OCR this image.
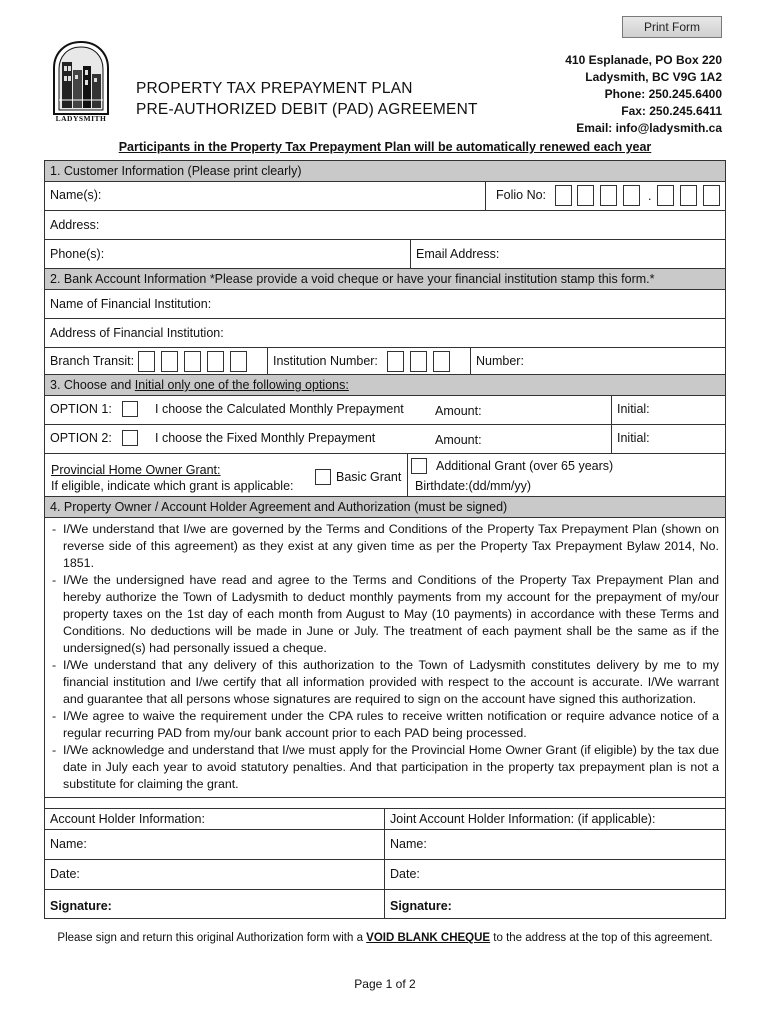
Print Form
LADYSMITH
PROPERTY TAX PREPAYMENT PLAN
PRE-AUTHORIZED DEBIT (PAD) AGREEMENT
410 Esplanade, PO Box 220
Ladysmith, BC V9G 1A2
Phone: 250.245.6400
Fax: 250.245.6411
Email: info@ladysmith.ca
Participants in the Property Tax Prepayment Plan will be automatically renewed each year
1. Customer Information (Please print clearly)
Name(s):	Folio No:	.
Address:
Phone(s):	Email Address:
2. Bank Account Information *Please provide a void cheque or have your financial institution stamp this form.*
Name of Financial Institution:
Address of Financial Institution:
Branch Transit:	Institution Number:	Number:
3. Choose and Initial only one of the following options:
OPTION 1:	I choose the Calculated Monthly Prepayment	Amount:	Initial:
OPTION 2:	I choose the Fixed Monthly Prepayment	Amount:	Initial:
Provincial Home Owner Grant:
If eligible, indicate which grant is applicable:
Basic Grant
Additional Grant (over 65 years)
Birthdate:(dd/mm/yy)
4. Property Owner / Account Holder Agreement and Authorization (must be signed)
- I/We understand that I/we are governed by the Terms and Conditions of the Property Tax Prepayment Plan (shown on reverse side of this agreement) as they exist at any given time as per the Property Tax Prepayment Bylaw 2014, No. 1851.
- I/We the undersigned have read and agree to the Terms and Conditions of the Property Tax Prepayment Plan and hereby authorize the Town of Ladysmith to deduct monthly payments from my account for the prepayment of my/our property taxes on the 1st day of each month from August to May (10 payments) in accordance with these Terms and Conditions. No deductions will be made in June or July. The treatment of each payment shall be the same as if the undersigned(s) had personally issued a cheque.
- I/We understand that any delivery of this authorization to the Town of Ladysmith constitutes delivery by me to my financial institution and I/we certify that all information provided with respect to the account is accurate. I/We warrant and guarantee that all persons whose signatures are required to sign on the account have signed this authorization.
- I/We agree to waive the requirement under the CPA rules to receive written notification or require advance notice of a regular recurring PAD from my/our bank account prior to each PAD being processed.
- I/We acknowledge and understand that I/we must apply for the Provincial Home Owner Grant (if eligible) by the tax due date in July each year to avoid statutory penalties. And that participation in the property tax prepayment plan is not a substitute for claiming the grant.
Account Holder Information:	Joint Account Holder Information: (if applicable):
Name:	Name:
Date:	Date:
Signature:	Signature:
Please sign and return this original Authorization form with a VOID BLANK CHEQUE to the address at the top of this agreement.
Page 1 of 2
